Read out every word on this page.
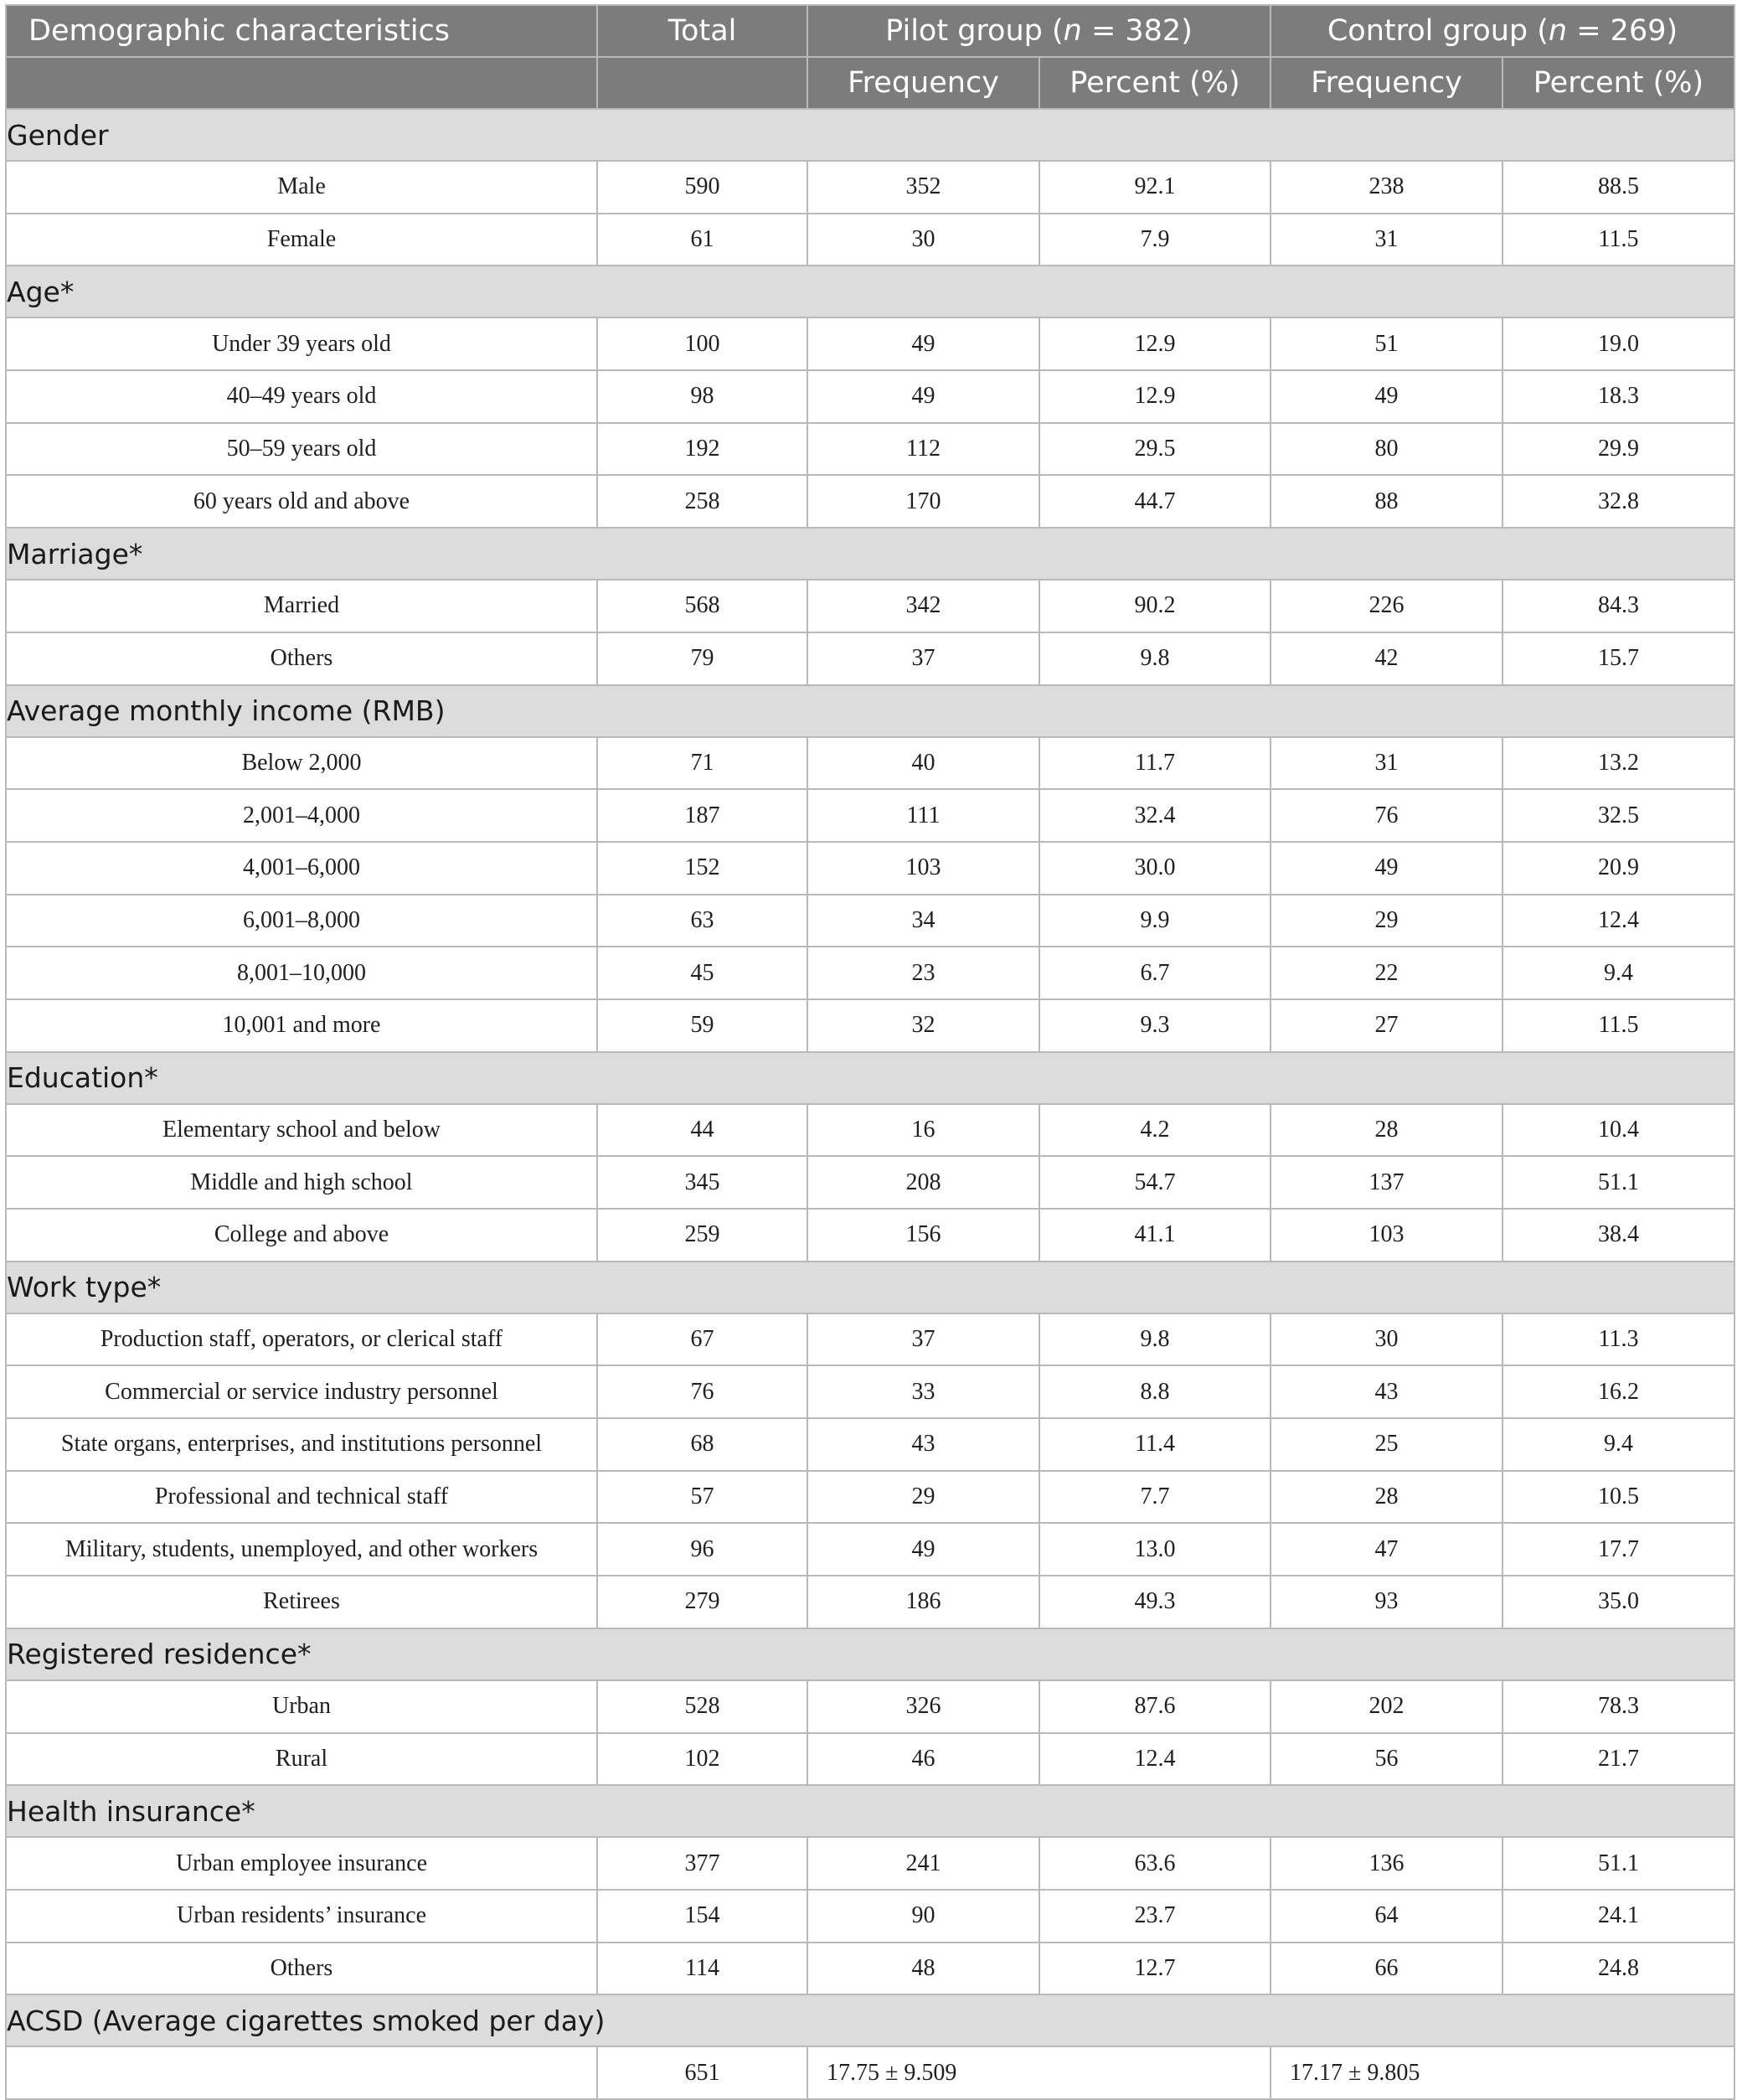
Demographic characteristics	Total	Pilot group (n = 382)		Control group (n = 269)	
		Frequency	Percent (%)	Frequency	Percent (%)
Gender					
Male	590	352	92.1	238	88.5
Female	61	30	7.9	31	11.5
Age*					
Under 39 years old	100	49	12.9	51	19.0
40–49 years old	98	49	12.9	49	18.3
50–59 years old	192	112	29.5	80	29.9
60 years old and above	258	170	44.7	88	32.8
Marriage*					
Married	568	342	90.2	226	84.3
Others	79	37	9.8	42	15.7
Average monthly income (RMB)					
Below 2,000	71	40	11.7	31	13.2
2,001–4,000	187	111	32.4	76	32.5
4,001–6,000	152	103	30.0	49	20.9
6,001–8,000	63	34	9.9	29	12.4
8,001–10,000	45	23	6.7	22	9.4
10,001 and more	59	32	9.3	27	11.5
Education*					
Elementary school and below	44	16	4.2	28	10.4
Middle and high school	345	208	54.7	137	51.1
College and above	259	156	41.1	103	38.4
Work type*					
Production staff, operators, or clerical staff	67	37	9.8	30	11.3
Commercial or service industry personnel	76	33	8.8	43	16.2
State organs, enterprises, and institutions personnel	68	43	11.4	25	9.4
Professional and technical staff	57	29	7.7	28	10.5
Military, students, unemployed, and other workers	96	49	13.0	47	17.7
Retirees	279	186	49.3	93	35.0
Registered residence*					
Urban	528	326	87.6	202	78.3
Rural	102	46	12.4	56	21.7
Health insurance*					
Urban employee insurance	377	241	63.6	136	51.1
Urban residents’ insurance	154	90	23.7	64	24.1
Others	114	48	12.7	66	24.8
ACSD (Average cigarettes smoked per day)					
	651	17.75 ± 9.509		17.17 ± 9.805	
